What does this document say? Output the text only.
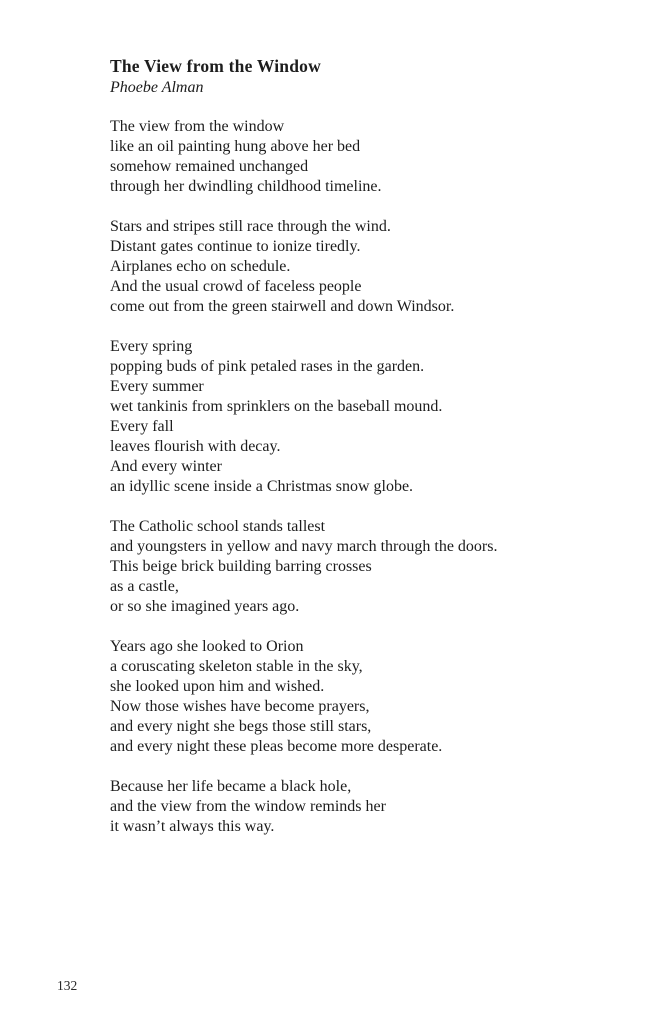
The View from the Window

Phoebe Alman

The view from the window
like an oil painting hung above her bed
somehow remained unchanged
through her dwindling childhood timeline.
Stars and stripes still race through the wind.
Distant gates continue to ionize tiredly.
Airplanes echo on schedule.
And the usual crowd of faceless people
come out from the green stairwell and down Windsor.
Every spring
popping buds of pink petaled rases in the garden.
Every summer
wet tankinis from sprinklers on the baseball mound.
Every fall
leaves flourish with decay.
And every winter
an idyllic scene inside a Christmas snow globe.
The Catholic school stands tallest
and youngsters in yellow and navy march through the doors.
This beige brick building barring crosses
as a castle,
or so she imagined years ago.
Years ago she looked to Orion
a coruscating skeleton stable in the sky,
she looked upon him and wished.
Now those wishes have become prayers,
and every night she begs those still stars,
and every night these pleas become more desperate.
Because her life became a black hole,
and the view from the window reminds her
it wasn’t always this way.
132
